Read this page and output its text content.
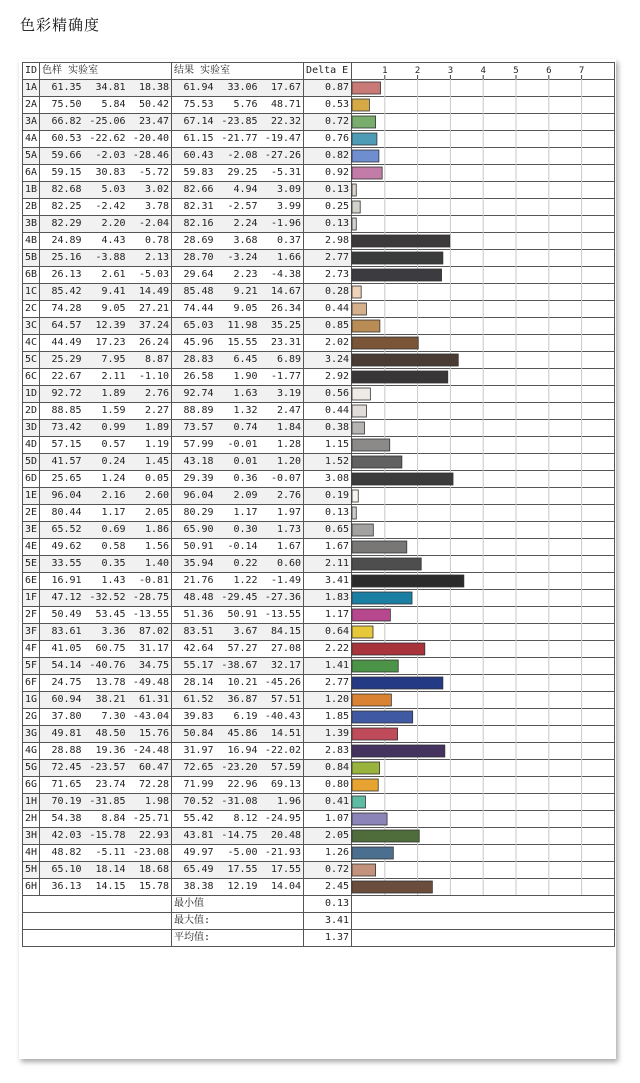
色彩精确度
ID	色样 实验室			结果 实验室			Delta E	
1A	61.35	34.81	18.38	61.94	33.06	17.67	0.87	
2A	75.50	5.84	50.42	75.53	5.76	48.71	0.53	
3A	66.82	-25.06	23.47	67.14	-23.85	22.32	0.72	
4A	60.53	-22.62	-20.40	61.15	-21.77	-19.47	0.76	
5A	59.66	-2.03	-28.46	60.43	-2.08	-27.26	0.82	
6A	59.15	30.83	-5.72	59.83	29.25	-5.31	0.92	
1B	82.68	5.03	3.02	82.66	4.94	3.09	0.13	
2B	82.25	-2.42	3.78	82.31	-2.57	3.99	0.25	
3B	82.29	2.20	-2.04	82.16	2.24	-1.96	0.13	
4B	24.89	4.43	0.78	28.69	3.68	0.37	2.98	
5B	25.16	-3.88	2.13	28.70	-3.24	1.66	2.77	
6B	26.13	2.61	-5.03	29.64	2.23	-4.38	2.73	
1C	85.42	9.41	14.49	85.48	9.21	14.67	0.28	
2C	74.28	9.05	27.21	74.44	9.05	26.34	0.44	
3C	64.57	12.39	37.24	65.03	11.98	35.25	0.85	
4C	44.49	17.23	26.24	45.96	15.55	23.31	2.02	
5C	25.29	7.95	8.87	28.83	6.45	6.89	3.24	
6C	22.67	2.11	-1.10	26.58	1.90	-1.77	2.92	
1D	92.72	1.89	2.76	92.74	1.63	3.19	0.56	
2D	88.85	1.59	2.27	88.89	1.32	2.47	0.44	
3D	73.42	0.99	1.89	73.57	0.74	1.84	0.38	
4D	57.15	0.57	1.19	57.99	-0.01	1.28	1.15	
5D	41.57	0.24	1.45	43.18	0.01	1.20	1.52	
6D	25.65	1.24	0.05	29.39	0.36	-0.07	3.08	
1E	96.04	2.16	2.60	96.04	2.09	2.76	0.19	
2E	80.44	1.17	2.05	80.29	1.17	1.97	0.13	
3E	65.52	0.69	1.86	65.90	0.30	1.73	0.65	
4E	49.62	0.58	1.56	50.91	-0.14	1.67	1.67	
5E	33.55	0.35	1.40	35.94	0.22	0.60	2.11	
6E	16.91	1.43	-0.81	21.76	1.22	-1.49	3.41	
1F	47.12	-32.52	-28.75	48.48	-29.45	-27.36	1.83	
2F	50.49	53.45	-13.55	51.36	50.91	-13.55	1.17	
3F	83.61	3.36	87.02	83.51	3.67	84.15	0.64	
4F	41.05	60.75	31.17	42.64	57.27	27.08	2.22	
5F	54.14	-40.76	34.75	55.17	-38.67	32.17	1.41	
6F	24.75	13.78	-49.48	28.14	10.21	-45.26	2.77	
1G	60.94	38.21	61.31	61.52	36.87	57.51	1.20	
2G	37.80	7.30	-43.04	39.83	6.19	-40.43	1.85	
3G	49.81	48.50	15.76	50.84	45.86	14.51	1.39	
4G	28.88	19.36	-24.48	31.97	16.94	-22.02	2.83	
5G	72.45	-23.57	60.47	72.65	-23.20	57.59	0.84	
6G	71.65	23.74	72.28	71.99	22.96	69.13	0.80	
1H	70.19	-31.85	1.98	70.52	-31.08	1.96	0.41	
2H	54.38	8.84	-25.71	55.42	8.12	-24.95	1.07	
3H	42.03	-15.78	22.93	43.81	-14.75	20.48	2.05	
4H	48.82	-5.11	-23.08	49.97	-5.00	-21.93	1.26	
5H	65.10	18.14	18.68	65.49	17.55	17.55	0.72	
6H	36.13	14.15	15.78	38.38	12.19	14.04	2.45	
				最小值			0.13	
				最大值:			3.41	
				平均值:			1.37	
1	2	3	4	5	6	7
